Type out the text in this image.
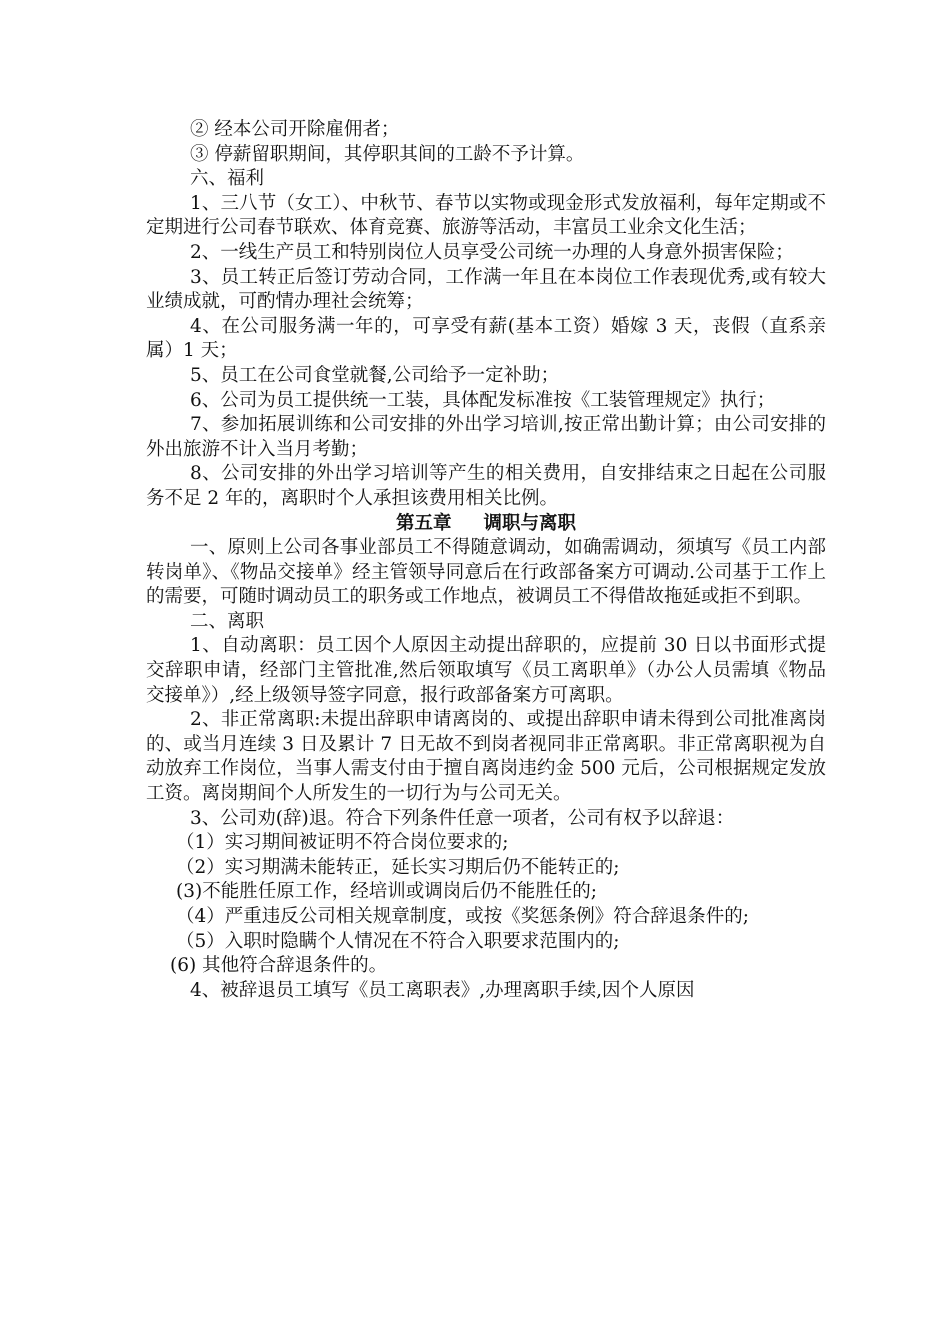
② 经本公司开除雇佣者；

③ 停薪留职期间，其停职其间的工龄不予计算。

六、福利

1、三八节（女工）、中秋节、春节以实物或现金形式发放福利，每年定期或不定期进行公司春节联欢、体育竞赛、旅游等活动，丰富员工业余文化生活；

2、一线生产员工和特别岗位人员享受公司统一办理的人身意外损害保险；

3、员工转正后签订劳动合同，工作满一年且在本岗位工作表现优秀,或有较大业绩成就，可酌情办理社会统筹；

4、在公司服务满一年的，可享受有薪(基本工资）婚嫁 3 天，丧假（直系亲属）1 天；

5、员工在公司食堂就餐,公司给予一定补助；

6、公司为员工提供统一工装，具体配发标准按《工装管理规定》执行；

7、参加拓展训练和公司安排的外出学习培训,按正常出勤计算；由公司安排的外出旅游不计入当月考勤；

8、公司安排的外出学习培训等产生的相关费用，自安排结束之日起在公司服务不足 2 年的，离职时个人承担该费用相关比例。

第五章 调职与离职

一、原则上公司各事业部员工不得随意调动，如确需调动，须填写《员工内部转岗单》、《物品交接单》经主管领导同意后在行政部备案方可调动.公司基于工作上的需要，可随时调动员工的职务或工作地点，被调员工不得借故拖延或拒不到职。

二、离职

1、自动离职：员工因个人原因主动提出辞职的，应提前 30 日以书面形式提交辞职申请，经部门主管批准,然后领取填写《员工离职单》（办公人员需填《物品交接单》）,经上级领导签字同意，报行政部备案方可离职。

2、非正常离职:未提出辞职申请离岗的、或提出辞职申请未得到公司批准离岗的、或当月连续 3 日及累计 7 日无故不到岗者视同非正常离职。非正常离职视为自动放弃工作岗位，当事人需支付由于擅自离岗违约金 500 元后，公司根据规定发放工资。离岗期间个人所发生的一切行为与公司无关。

3、公司劝(辞)退。符合下列条件任意一项者，公司有权予以辞退：

（1）实习期间被证明不符合岗位要求的;

（2）实习期满未能转正，延长实习期后仍不能转正的;

(3)不能胜任原工作，经培训或调岗后仍不能胜任的;

（4）严重违反公司相关规章制度，或按《奖惩条例》符合辞退条件的;

（5）入职时隐瞒个人情况在不符合入职要求范围内的;

(6) 其他符合辞退条件的。

4、被辞退员工填写《员工离职表》,办理离职手续,因个人原因
